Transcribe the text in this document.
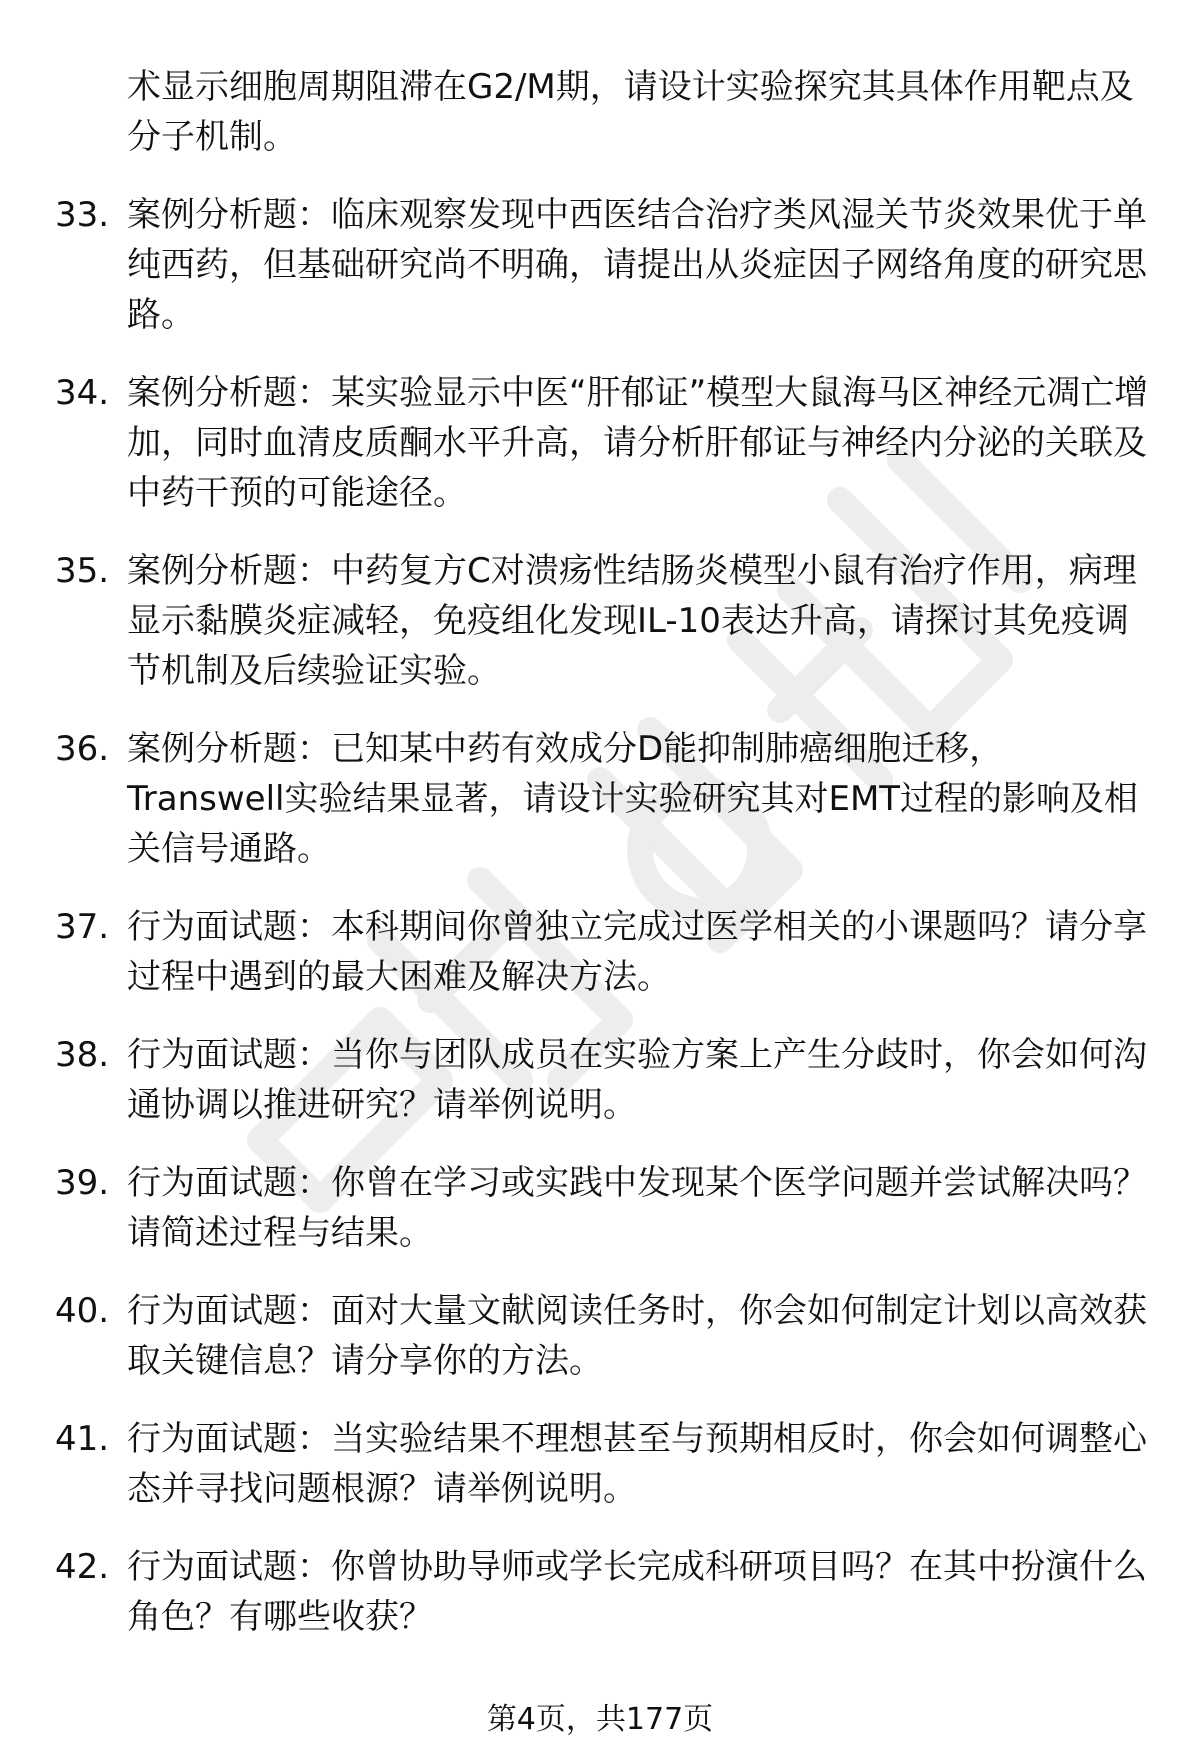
术显示细胞周期阻滞在G2/M期，请设计实验探究其具体作用靶点及分子机制。

33. 案例分析题：临床观察发现中西医结合治疗类风湿关节炎效果优于单纯西药，但基础研究尚不明确，请提出从炎症因子网络角度的研究思路。

34. 案例分析题：某实验显示中医“肝郁证”模型大鼠海马区神经元凋亡增加，同时血清皮质酮水平升高，请分析肝郁证与神经内分泌的关联及中药干预的可能途径。

35. 案例分析题：中药复方C对溃疡性结肠炎模型小鼠有治疗作用，病理显示黏膜炎症减轻，免疫组化发现IL-10表达升高，请探讨其免疫调节机制及后续验证实验。

36. 案例分析题：已知某中药有效成分D能抑制肺癌细胞迁移，Transwell实验结果显著，请设计实验研究其对EMT过程的影响及相关信号通路。

37. 行为面试题：本科期间你曾独立完成过医学相关的小课题吗？请分享过程中遇到的最大困难及解决方法。

38. 行为面试题：当你与团队成员在实验方案上产生分歧时，你会如何沟通协调以推进研究？请举例说明。

39. 行为面试题：你曾在学习或实践中发现某个医学问题并尝试解决吗？请简述过程与结果。

40. 行为面试题：面对大量文献阅读任务时，你会如何制定计划以高效获取关键信息？请分享你的方法。

41. 行为面试题：当实验结果不理想甚至与预期相反时，你会如何调整心态并寻找问题根源？请举例说明。

42. 行为面试题：你曾协助导师或学长完成科研项目吗？在其中扮演什么角色？有哪些收获？

第4页，共177页
